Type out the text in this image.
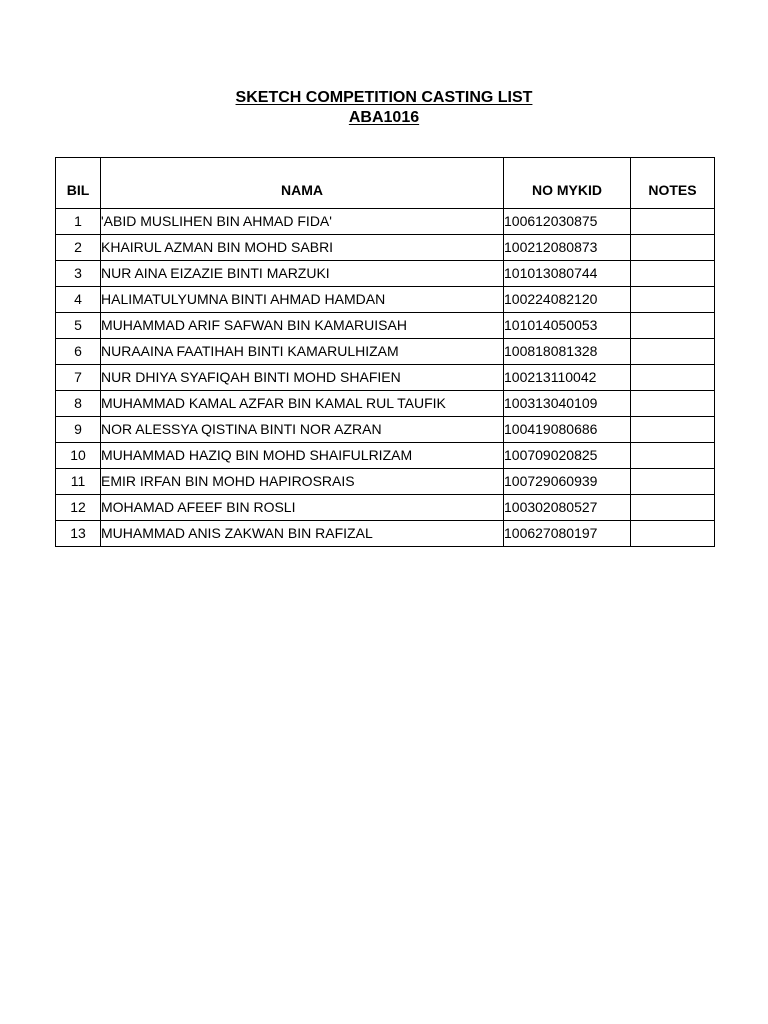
SKETCH COMPETITION CASTING LIST
ABA1016
BIL	NAMA	NO MYKID	NOTES
1	'ABID MUSLIHEN BIN AHMAD FIDA'	100612030875	
2	KHAIRUL AZMAN BIN MOHD SABRI	100212080873	
3	NUR AINA EIZAZIE BINTI MARZUKI	101013080744	
4	HALIMATULYUMNA BINTI AHMAD HAMDAN	100224082120	
5	MUHAMMAD ARIF SAFWAN BIN KAMARUISAH	101014050053	
6	NURAAINA FAATIHAH BINTI KAMARULHIZAM	100818081328	
7	NUR DHIYA SYAFIQAH BINTI MOHD SHAFIEN	100213110042	
8	MUHAMMAD KAMAL AZFAR BIN KAMAL RUL TAUFIK	100313040109	
9	NOR ALESSYA QISTINA BINTI NOR AZRAN	100419080686	
10	MUHAMMAD HAZIQ BIN MOHD SHAIFULRIZAM	100709020825	
11	EMIR IRFAN BIN MOHD HAPIROSRAIS	100729060939	
12	MOHAMAD AFEEF BIN ROSLI	100302080527	
13	MUHAMMAD ANIS ZAKWAN BIN RAFIZAL	100627080197	
